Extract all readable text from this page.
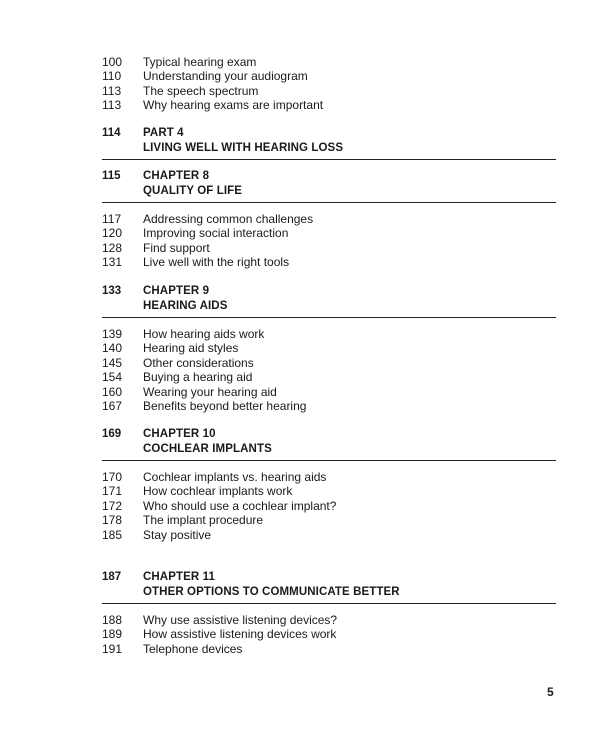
100 Typical hearing exam
110 Understanding your audiogram
113 The speech spectrum
113 Why hearing exams are important
114 PART 4
LIVING WELL WITH HEARING LOSS
115 CHAPTER 8
QUALITY OF LIFE
117 Addressing common challenges
120 Improving social interaction
128 Find support
131 Live well with the right tools
133 CHAPTER 9
HEARING AIDS
139 How hearing aids work
140 Hearing aid styles
145 Other considerations
154 Buying a hearing aid
160 Wearing your hearing aid
167 Benefits beyond better hearing
169 CHAPTER 10
COCHLEAR IMPLANTS
170 Cochlear implants vs. hearing aids
171 How cochlear implants work
172 Who should use a cochlear implant?
178 The implant procedure
185 Stay positive
187 CHAPTER 11
OTHER OPTIONS TO COMMUNICATE BETTER
188 Why use assistive listening devices?
189 How assistive listening devices work
191 Telephone devices
5
